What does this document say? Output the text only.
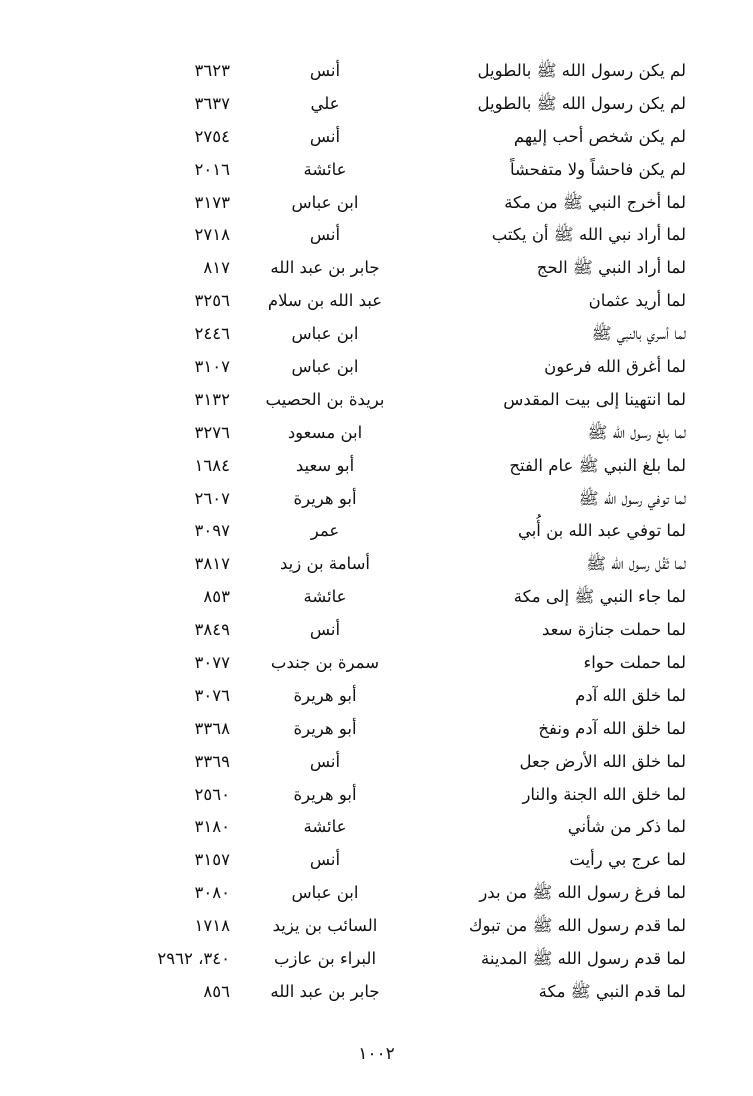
لم يكن رسول الله ﷺ بالطويل
أنس
٣٦٢٣
لم يكن رسول الله ﷺ بالطويل
علي
٣٦٣٧
لم يكن شخص أحب إليهم
أنس
٢٧٥٤
لم يكن فاحشاً ولا متفحشاً
عائشة
٢٠١٦
لما أخرج النبي ﷺ من مكة
ابن عباس
٣١٧٣
لما أراد نبي الله ﷺ أن يكتب
أنس
٢٧١٨
لما أراد النبي ﷺ الحج
جابر بن عبد الله
٨١٧
لما أريد عثمان
عبد الله بن سلام
٣٢٥٦
لما أسري بالنبي ﷺ
ابن عباس
٢٤٤٦
لما أغرق الله فرعون
ابن عباس
٣١٠٧
لما انتهينا إلى بيت المقدس
بريدة بن الحصيب
٣١٣٢
لما بلغ رسول الله ﷺ
ابن مسعود
٣٢٧٦
لما بلغ النبي ﷺ عام الفتح
أبو سعيد
١٦٨٤
لما توفي رسول الله ﷺ
أبو هريرة
٢٦٠٧
لما توفي عبد الله بن أُبي
عمر
٣٠٩٧
لما ثَقُل رسول الله ﷺ
أسامة بن زيد
٣٨١٧
لما جاء النبي ﷺ إلى مكة
عائشة
٨٥٣
لما حملت جنازة سعد
أنس
٣٨٤٩
لما حملت حواء
سمرة بن جندب
٣٠٧٧
لما خلق الله آدم
أبو هريرة
٣٠٧٦
لما خلق الله آدم ونفخ
أبو هريرة
٣٣٦٨
لما خلق الله الأرض جعل
أنس
٣٣٦٩
لما خلق الله الجنة والنار
أبو هريرة
٢٥٦٠
لما ذكر من شأني
عائشة
٣١٨٠
لما عرج بي رأيت
أنس
٣١٥٧
لما فرغ رسول الله ﷺ من بدر
ابن عباس
٣٠٨٠
لما قدم رسول الله ﷺ من تبوك
السائب بن يزيد
١٧١٨
لما قدم رسول الله ﷺ المدينة
البراء بن عازب
٣٤٠، ٢٩٦٢
لما قدم النبي ﷺ مكة
جابر بن عبد الله
٨٥٦
١٠٠٢
